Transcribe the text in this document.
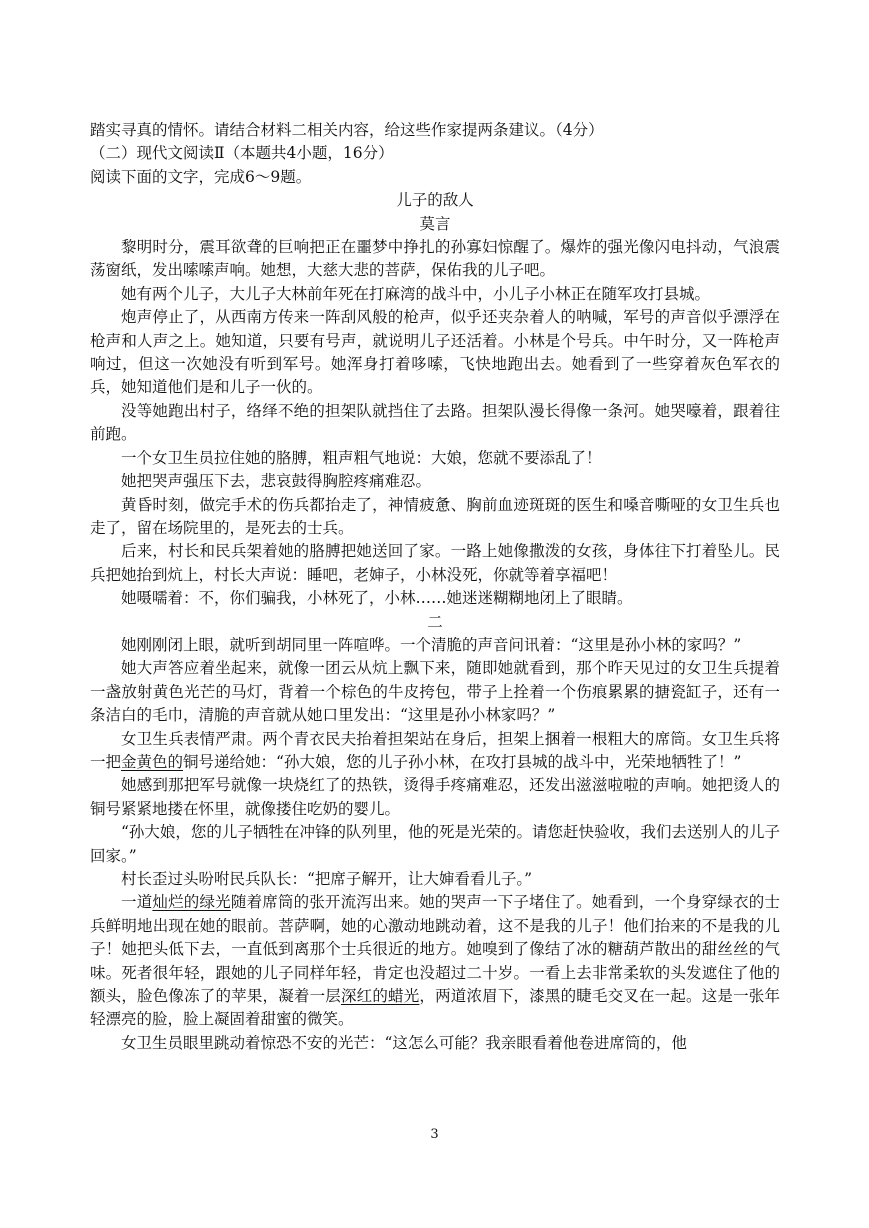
踏实寻真的情怀。请结合材料二相关内容，给这些作家提两条建议。（4分）

（二）现代文阅读Ⅱ（本题共4小题，16分）

阅读下面的文字，完成6～9题。

儿子的敌人

莫言

黎明时分，震耳欲聋的巨响把正在噩梦中挣扎的孙寡妇惊醒了。爆炸的强光像闪电抖动，气浪震荡窗纸，发出嗦嗦声响。她想，大慈大悲的菩萨，保佑我的儿子吧。

她有两个儿子，大儿子大林前年死在打麻湾的战斗中，小儿子小林正在随军攻打县城。

炮声停止了，从西南方传来一阵刮风般的枪声，似乎还夹杂着人的呐喊，军号的声音似乎漂浮在枪声和人声之上。她知道，只要有号声，就说明儿子还活着。小林是个号兵。中午时分，又一阵枪声响过，但这一次她没有听到军号。她浑身打着哆嗦，飞快地跑出去。她看到了一些穿着灰色军衣的兵，她知道他们是和儿子一伙的。

没等她跑出村子，络绎不绝的担架队就挡住了去路。担架队漫长得像一条河。她哭嚎着，跟着往前跑。

一个女卫生员拉住她的胳膊，粗声粗气地说：大娘，您就不要添乱了！

她把哭声强压下去，悲哀鼓得胸腔疼痛难忍。

黄昏时刻，做完手术的伤兵都抬走了，神情疲惫、胸前血迹斑斑的医生和嗓音嘶哑的女卫生兵也走了，留在场院里的，是死去的士兵。

后来，村长和民兵架着她的胳膊把她送回了家。一路上她像撒泼的女孩，身体往下打着坠儿。民兵把她抬到炕上，村长大声说：睡吧，老婶子，小林没死，你就等着享福吧！

她嗫嚅着：不，你们骗我，小林死了，小林……她迷迷糊糊地闭上了眼睛。

二

她刚刚闭上眼，就听到胡同里一阵喧哗。一个清脆的声音问讯着：“这里是孙小林的家吗？”

她大声答应着坐起来，就像一团云从炕上飘下来，随即她就看到，那个昨天见过的女卫生兵提着一盏放射黄色光芒的马灯，背着一个棕色的牛皮挎包，带子上拴着一个伤痕累累的搪瓷缸子，还有一条洁白的毛巾，清脆的声音就从她口里发出：“这里是孙小林家吗？”

女卫生兵表情严肃。两个青衣民夫抬着担架站在身后，担架上捆着一根粗大的席筒。女卫生兵将一把金黄色的铜号递给她：“孙大娘，您的儿子孙小林，在攻打县城的战斗中，光荣地牺牲了！”

她感到那把军号就像一块烧红了的热铁，烫得手疼痛难忍，还发出滋滋啦啦的声响。她把烫人的铜号紧紧地搂在怀里，就像搂住吃奶的婴儿。

“孙大娘，您的儿子牺牲在冲锋的队列里，他的死是光荣的。请您赶快验收，我们去送别人的儿子回家。”

村长歪过头吩咐民兵队长：“把席子解开，让大婶看看儿子。”

一道灿烂的绿光随着席筒的张开流泻出来。她的哭声一下子堵住了。她看到，一个身穿绿衣的士兵鲜明地出现在她的眼前。菩萨啊，她的心激动地跳动着，这不是我的儿子！他们抬来的不是我的儿子！她把头低下去，一直低到离那个士兵很近的地方。她嗅到了像结了冰的糖葫芦散出的甜丝丝的气味。死者很年轻，跟她的儿子同样年轻，肯定也没超过二十岁。一看上去非常柔软的头发遮住了他的额头，脸色像冻了的苹果，凝着一层深红的蜡光，两道浓眉下，漆黑的睫毛交叉在一起。这是一张年轻漂亮的脸，脸上凝固着甜蜜的微笑。

女卫生员眼里跳动着惊恐不安的光芒：“这怎么可能？我亲眼看着他卷进席筒的，他

3
